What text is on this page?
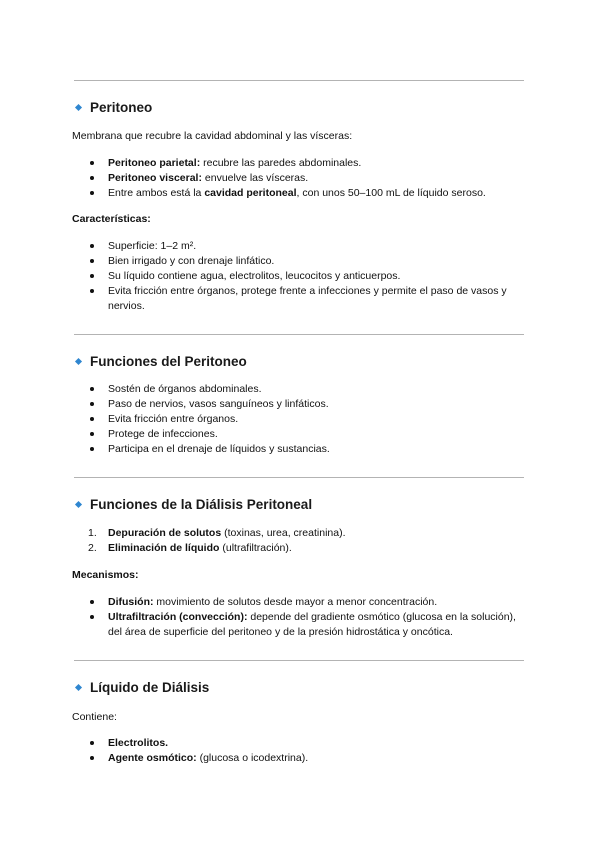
Peritoneo

Membrana que recubre la cavidad abdominal y las vísceras:

Peritoneo parietal: recubre las paredes abdominales.
Peritoneo visceral: envuelve las vísceras.
Entre ambos está la cavidad peritoneal, con unos 50–100 mL de líquido seroso.

Características:

Superficie: 1–2 m².
Bien irrigado y con drenaje linfático.
Su líquido contiene agua, electrolitos, leucocitos y anticuerpos.
Evita fricción entre órganos, protege frente a infecciones y permite el paso de vasos y nervios.
Funciones del Peritoneo
Sostén de órganos abdominales.
Paso de nervios, vasos sanguíneos y linfáticos.
Evita fricción entre órganos.
Protege de infecciones.
Participa en el drenaje de líquidos y sustancias.
Funciones de la Diálisis Peritoneal
1. Depuración de solutos (toxinas, urea, creatinina).
2. Eliminación de líquido (ultrafiltración).

Mecanismos:

Difusión: movimiento de solutos desde mayor a menor concentración.
Ultrafiltración (convección): depende del gradiente osmótico (glucosa en la solución), del área de superficie del peritoneo y de la presión hidrostática y oncótica.
Líquido de Diálisis

Contiene:

Electrolitos.
Agente osmótico: (glucosa o icodextrina).
